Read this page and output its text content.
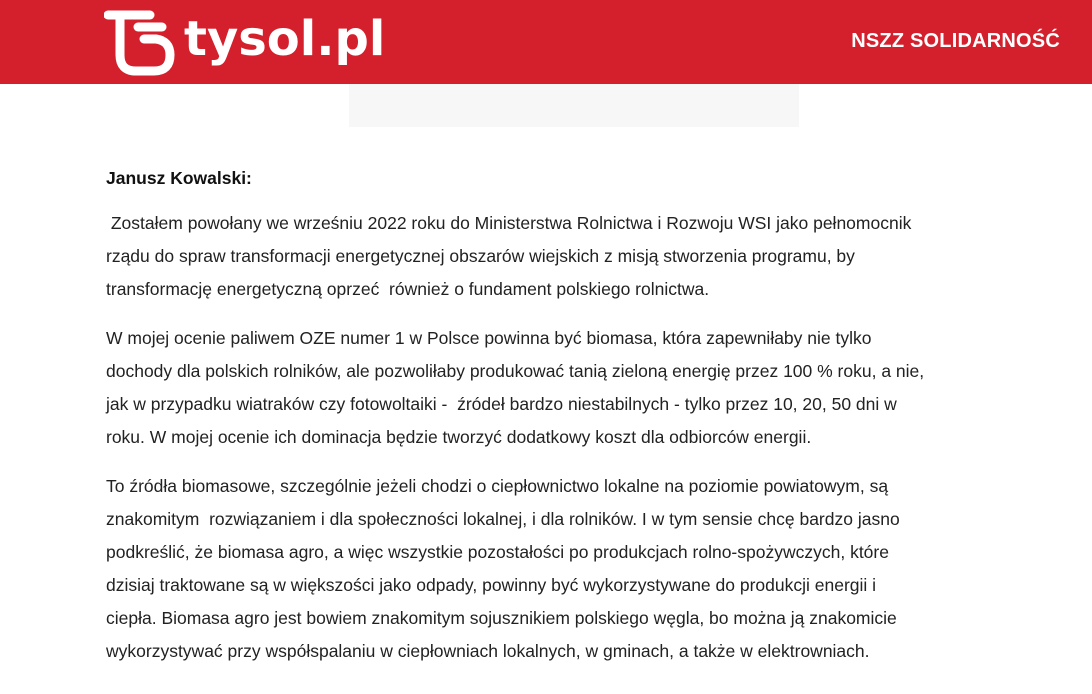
tysol.pl	NSZZ SOLIDARNOŚĆ

Janusz Kowalski:

Zostałem powołany we wrześniu 2022 roku do Ministerstwa Rolnictwa i Rozwoju WSI jako pełnomocnik
rządu do spraw transformacji energetycznej obszarów wiejskich z misją stworzenia programu, by
transformację energetyczną oprzeć  również o fundament polskiego rolnictwa.

W mojej ocenie paliwem OZE numer 1 w Polsce powinna być biomasa, która zapewniłaby nie tylko
dochody dla polskich rolników, ale pozwoliłaby produkować tanią zieloną energię przez 100 % roku, a nie,
jak w przypadku wiatraków czy fotowoltaiki -  źródeł bardzo niestabilnych - tylko przez 10, 20, 50 dni w
roku. W mojej ocenie ich dominacja będzie tworzyć dodatkowy koszt dla odbiorców energii.

To źródła biomasowe, szczególnie jeżeli chodzi o ciepłownictwo lokalne na poziomie powiatowym, są
znakomitym  rozwiązaniem i dla społeczności lokalnej, i dla rolników. I w tym sensie chcę bardzo jasno
podkreślić, że biomasa agro, a więc wszystkie pozostałości po produkcjach rolno-spożywczych, które
dzisiaj traktowane są w większości jako odpady, powinny być wykorzystywane do produkcji energii i
ciepła. Biomasa agro jest bowiem znakomitym sojusznikiem polskiego węgla, bo można ją znakomicie
wykorzystywać przy współspalaniu w ciepłowniach lokalnych, w gminach, a także w elektrowniach.
